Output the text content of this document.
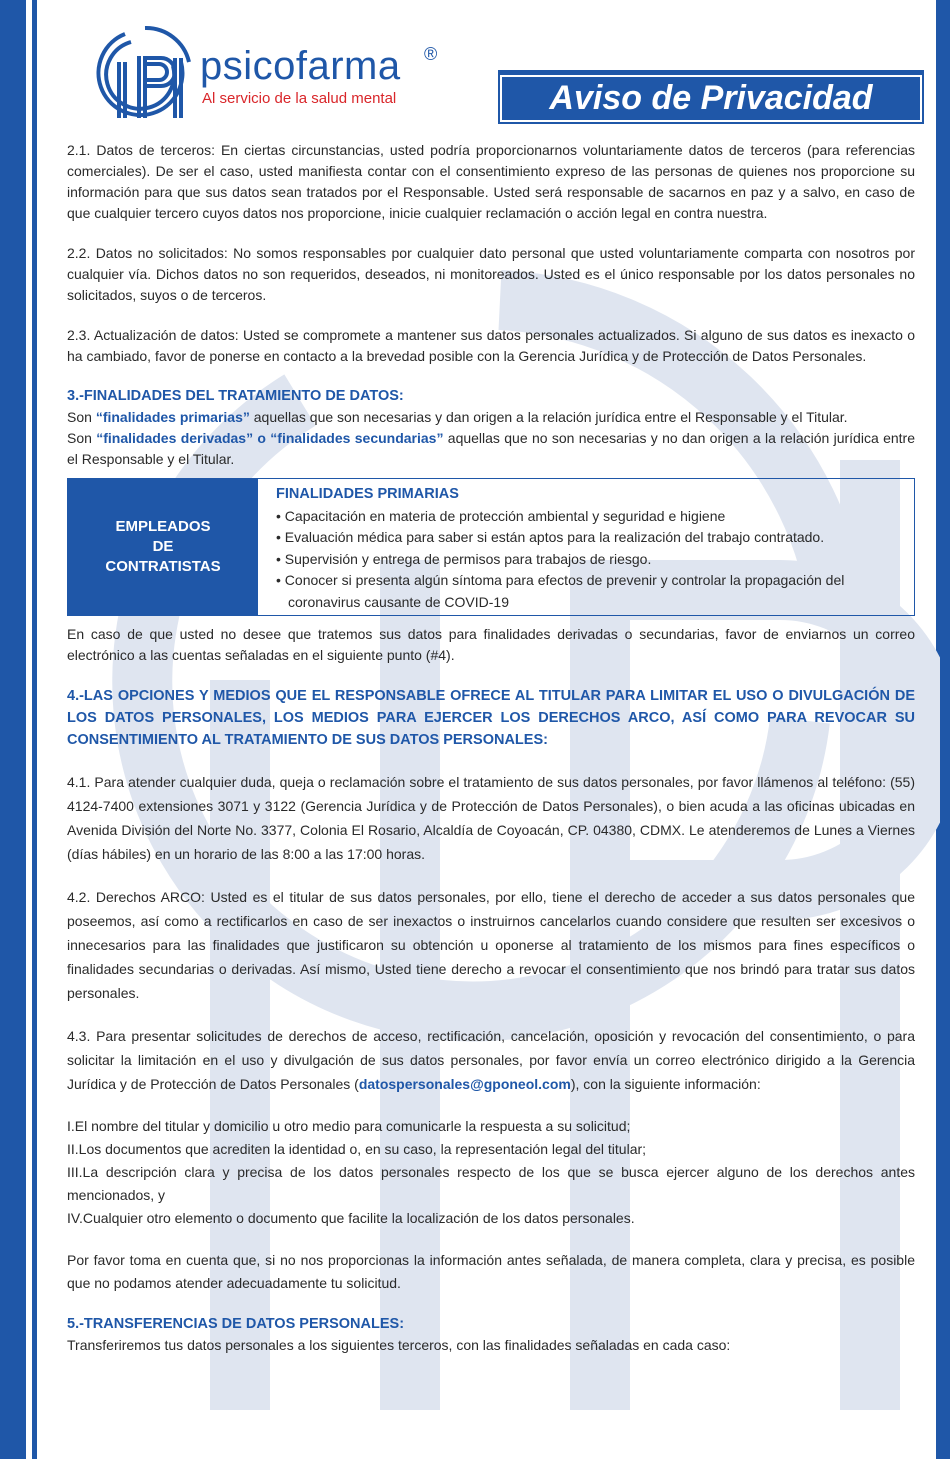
psicofarma ®
Al servicio de la salud mental	Aviso de Privacidad

2.1. Datos de terceros: En ciertas circunstancias, usted podría proporcionarnos voluntariamente datos de terceros (para referencias comerciales). De ser el caso, usted manifiesta contar con el consentimiento expreso de las personas de quienes nos proporcione su información para que sus datos sean tratados por el Responsable. Usted será responsable de sacarnos en paz y a salvo, en caso de que cualquier tercero cuyos datos nos proporcione, inicie cualquier reclamación o acción legal en contra nuestra.

2.2. Datos no solicitados: No somos responsables por cualquier dato personal que usted voluntariamente comparta con nosotros por cualquier vía. Dichos datos no son requeridos, deseados, ni monitoreados. Usted es el único responsable por los datos personales no solicitados, suyos o de terceros.

2.3. Actualización de datos: Usted se compromete a mantener sus datos personales actualizados. Si alguno de sus datos es inexacto o ha cambiado, favor de ponerse en contacto a la brevedad posible con la Gerencia Jurídica y de Protección de Datos Personales.

3.-FINALIDADES DEL TRATAMIENTO DE DATOS:

Son “finalidades primarias” aquellas que son necesarias y dan origen a la relación jurídica entre el Responsable y el Titular.

Son “finalidades derivadas” o “finalidades secundarias” aquellas que no son necesarias y no dan origen a la relación jurídica entre el Responsable y el Titular.

EMPLEADOS
DE
CONTRATISTAS
FINALIDADES PRIMARIAS
• Capacitación en materia de protección ambiental y seguridad e higiene
• Evaluación médica para saber si están aptos para la realización del trabajo contratado.
• Supervisión y entrega de permisos para trabajos de riesgo.
• Conocer si presenta algún síntoma para efectos de prevenir y controlar la propagación del coronavirus causante de COVID-19

En caso de que usted no desee que tratemos sus datos para finalidades derivadas o secundarias, favor de enviarnos un correo electrónico a las cuentas señaladas en el siguiente punto (#4).

4.-LAS OPCIONES Y MEDIOS QUE EL RESPONSABLE OFRECE AL TITULAR PARA LIMITAR EL USO O DIVULGACIÓN DE LOS DATOS PERSONALES, LOS MEDIOS PARA EJERCER LOS DERECHOS ARCO, ASÍ COMO PARA REVOCAR SU CONSENTIMIENTO AL TRATAMIENTO DE SUS DATOS PERSONALES:

4.1. Para atender cualquier duda, queja o reclamación sobre el tratamiento de sus datos personales, por favor llámenos al teléfono: (55) 4124-7400 extensiones 3071 y 3122 (Gerencia Jurídica y de Protección de Datos Personales), o bien acuda a las oficinas ubicadas en Avenida División del Norte No. 3377, Colonia El Rosario, Alcaldía de Coyoacán, CP. 04380, CDMX. Le atenderemos de Lunes a Viernes (días hábiles) en un horario de las 8:00 a las 17:00 horas.

4.2. Derechos ARCO: Usted es el titular de sus datos personales, por ello, tiene el derecho de acceder a sus datos personales que poseemos, así como a rectificarlos en caso de ser inexactos o instruirnos cancelarlos cuando considere que resulten ser excesivos o innecesarios para las finalidades que justificaron su obtención u oponerse al tratamiento de los mismos para fines específicos o finalidades secundarias o derivadas. Así mismo, Usted tiene derecho a revocar el consentimiento que nos brindó para tratar sus datos personales.

4.3. Para presentar solicitudes de derechos de acceso, rectificación, cancelación, oposición y revocación del consentimiento, o para solicitar la limitación en el uso y divulgación de sus datos personales, por favor envía un correo electrónico dirigido a la Gerencia Jurídica y de Protección de Datos Personales (datospersonales@gponeol.com), con la siguiente información:

I.El nombre del titular y domicilio u otro medio para comunicarle la respuesta a su solicitud;

II.Los documentos que acrediten la identidad o, en su caso, la representación legal del titular;

III.La descripción clara y precisa de los datos personales respecto de los que se busca ejercer alguno de los derechos antes mencionados, y

IV.Cualquier otro elemento o documento que facilite la localización de los datos personales.

Por favor toma en cuenta que, si no nos proporcionas la información antes señalada, de manera completa, clara y precisa, es posible que no podamos atender adecuadamente tu solicitud.

5.-TRANSFERENCIAS DE DATOS PERSONALES:

Transferiremos tus datos personales a los siguientes terceros, con las finalidades señaladas en cada caso:
